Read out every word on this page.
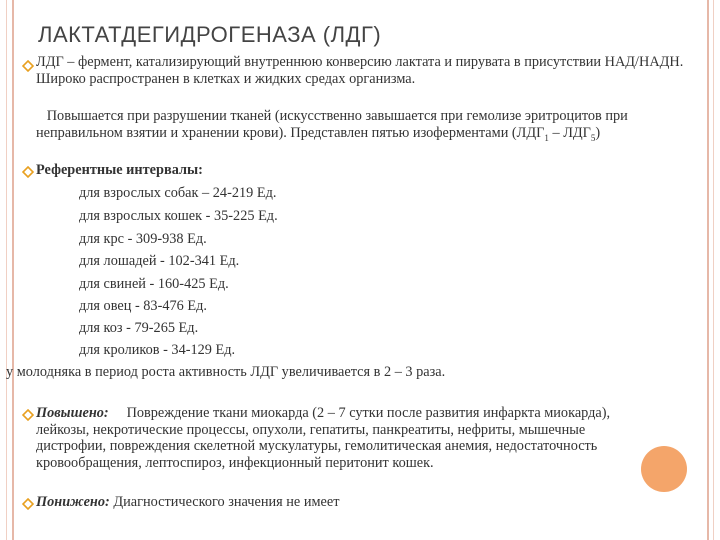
ЛАКТАТДЕГИДРОГЕНАЗА (ЛДГ)
ЛДГ – фермент, катализирующий внутреннюю конверсию лактата и пирувата в присутствии НАД/НАДН. Широко распространен в клетках и жидких средах организма.
Повышается при разрушении тканей (искусственно завышается при гемолизе эритроцитов при неправильном взятии и хранении крови). Представлен пятью изоферментами $(ЛДГ_1 - ЛДГ_5)$
Референтные интервалы:
для взрослых собак – 24-219 Ед.
для взрослых кошек - 35-225 Ед.
для крс - 309-938 Ед.
для лошадей - 102-341 Ед.
для свиней - 160-425 Ед.
для овец - 83-476 Ед.
для коз - 79-265 Ед.
для кроликов - 34-129 Ед.
у молодняка в период роста активность ЛДГ увеличивается в 2 – 3 раза.
Повышено: Повреждение ткани миокарда (2 – 7 сутки после развития инфаркта миокарда), лейкозы, некротические процессы, опухоли, гепатиты, панкреатиты, нефриты, мышечные дистрофии, повреждения скелетной мускулатуры, гемолитическая анемия, недостаточность кровообращения, лептоспироз, инфекционный перитонит кошек.
Понижено: Диагностического значения не имеет
